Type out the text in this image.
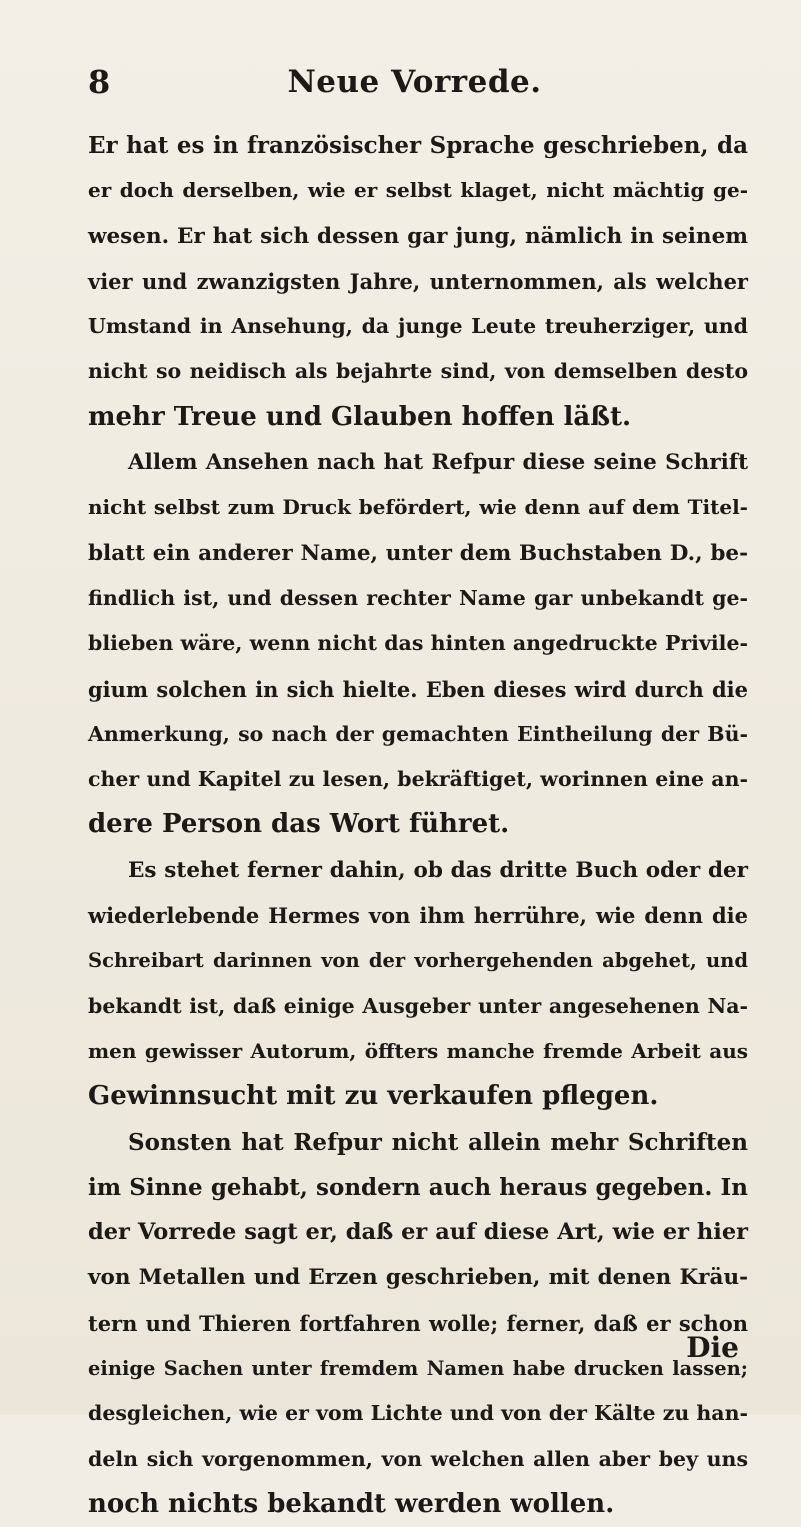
8	Neue Vorrede.
Er hat es in französischer Sprache geschrieben, da
er doch derselben, wie er selbst klaget, nicht mächtig ge-
wesen. Er hat sich dessen gar jung, nämlich in seinem
vier und zwanzigsten Jahre, unternommen, als welcher
Umstand in Ansehung, da junge Leute treuherziger, und
nicht so neidisch als bejahrte sind, von demselben desto
mehr Treue und Glauben hoffen läßt.
Allem Ansehen nach hat Refpur diese seine Schrift
nicht selbst zum Druck befördert, wie denn auf dem Titel-
blatt ein anderer Name, unter dem Buchstaben D., be-
findlich ist, und dessen rechter Name gar unbekandt ge-
blieben wäre, wenn nicht das hinten angedruckte Privile-
gium solchen in sich hielte. Eben dieses wird durch die
Anmerkung, so nach der gemachten Eintheilung der Bü-
cher und Kapitel zu lesen, bekräftiget, worinnen eine an-
dere Person das Wort führet.
Es stehet ferner dahin, ob das dritte Buch oder der
wiederlebende Hermes von ihm herrühre, wie denn die
Schreibart darinnen von der vorhergehenden abgehet, und
bekandt ist, daß einige Ausgeber unter angesehenen Na-
men gewisser Autorum, öffters manche fremde Arbeit aus
Gewinnsucht mit zu verkaufen pflegen.
Sonsten hat Refpur nicht allein mehr Schriften
im Sinne gehabt, sondern auch heraus gegeben. In
der Vorrede sagt er, daß er auf diese Art, wie er hier
von Metallen und Erzen geschrieben, mit denen Kräu-
tern und Thieren fortfahren wolle; ferner, daß er schon
einige Sachen unter fremdem Namen habe drucken lassen;
desgleichen, wie er vom Lichte und von der Kälte zu han-
deln sich vorgenommen, von welchen allen aber bey uns
noch nichts bekandt werden wollen.
Die
